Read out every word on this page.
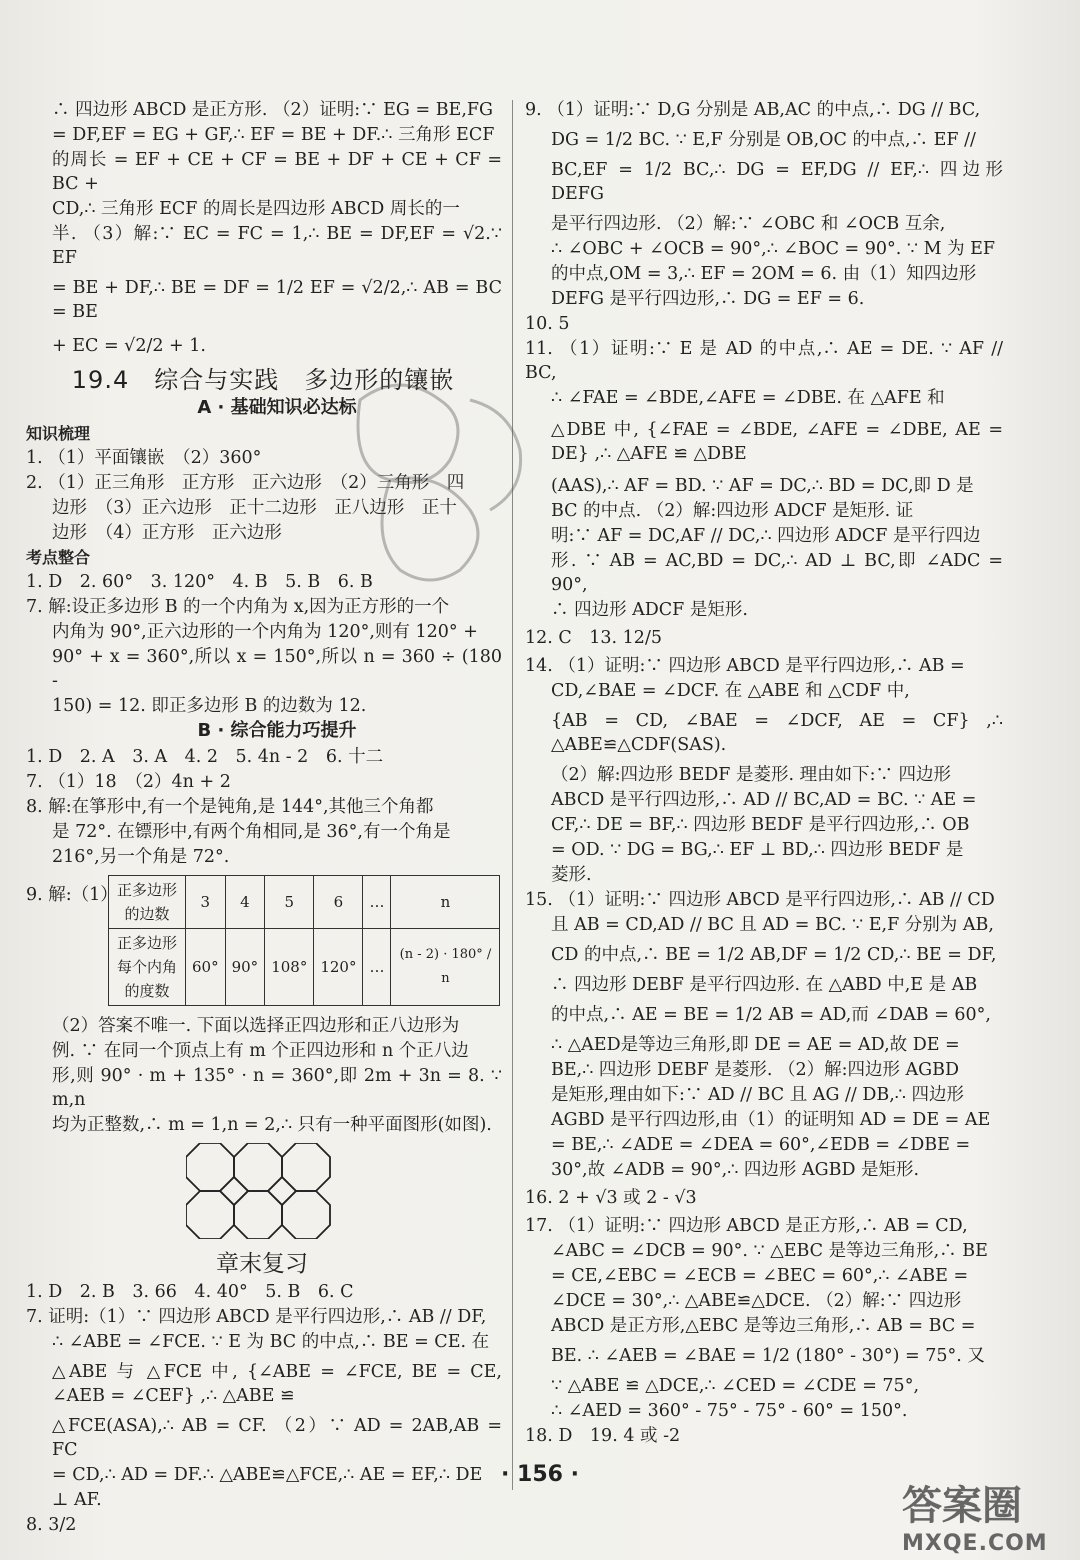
∴ 四边形 ABCD 是正方形. （2）证明:∵ EG = BE,FG
= DF,EF = EG + GF,∴ EF = BE + DF.∴ 三角形 ECF
的周长 = EF + CE + CF = BE + DF + CE + CF = BC +
CD,∴ 三角形 ECF 的周长是四边形 ABCD 周长的一
半. （3）解:∵ EC = FC = 1,∴ BE = DF,EF = √2.∵ EF
= BE + DF,∴ BE = DF = 1/2 EF = √2/2,∴ AB = BC = BE
+ EC = √2/2 + 1.
19.4　综合与实践　多边形的镶嵌
A · 基础知识必达标
知识梳理
1. （1）平面镶嵌　（2）360°
2. （1）正三角形　正方形　正六边形　（2）三角形　四
边形　（3）正六边形　正十二边形　正八边形　正十
边形　（4）正方形　正六边形
考点整合
1. D　2. 60°　3. 120°　4. B　5. B　6. B
7. 解:设正多边形 B 的一个内角为 x,因为正方形的一个
内角为 90°,正六边形的一个内角为 120°,则有 120° +
90° + x = 360°,所以 x = 150°,所以 n = 360 ÷ (180 -
150) = 12. 即正多边形 B 的边数为 12.
B · 综合能力巧提升
1. D　2. A　3. A　4. 2　5. 4n - 2　6. 十二
7. （1）18　（2）4n + 2
8. 解:在箏形中,有一个是钝角,是 144°,其他三个角都
是 72°. 在镖形中,有两个角相同,是 36°,有一个角是
216°,另一个角是 72°.
9. 解:（1） 正多边形的边数	3	4	5	6	…	n
正多边形每个内角的度数	60°	90°	108°	120°	…	(n - 2) · 180° / n
（2）答案不唯一. 下面以选择正四边形和正八边形为
例. ∵ 在同一个顶点上有 m 个正四边形和 n 个正八边
形,则 90° · m + 135° · n = 360°,即 2m + 3n = 8. ∵ m,n
均为正整数,∴ m = 1,n = 2,∴ 只有一种平面图形(如图).
章末复习
1. D　2. B　3. 66　4. 40°　5. B　6. C
7. 证明:（1）∵ 四边形 ABCD 是平行四边形,∴ AB // DF,
∴ ∠ABE = ∠FCE. ∵ E 为 BC 的中点,∴ BE = CE. 在
△ABE 与 △FCE 中, {∠ABE = ∠FCE, BE = CE, ∠AEB = ∠CEF} ,∴ △ABE ≌
△FCE(ASA),∴ AB = CF. （2）∵ AD = 2AB,AB = FC
= CD,∴ AD = DF.∴ △ABE≌△FCE,∴ AE = EF,∴ DE
⊥ AF.
8. 3/2
9. （1）证明:∵ D,G 分别是 AB,AC 的中点,∴ DG // BC,
DG = 1/2 BC. ∵ E,F 分别是 OB,OC 的中点,∴ EF //
BC,EF = 1/2 BC,∴ DG = EF,DG // EF,∴ 四边形 DEFG
是平行四边形. （2）解:∵ ∠OBC 和 ∠OCB 互余,
∴ ∠OBC + ∠OCB = 90°,∴ ∠BOC = 90°. ∵ M 为 EF
的中点,OM = 3,∴ EF = 2OM = 6. 由（1）知四边形
DEFG 是平行四边形,∴ DG = EF = 6.
10. 5
11. （1）证明:∵ E 是 AD 的中点,∴ AE = DE. ∵ AF // BC,
∴ ∠FAE = ∠BDE,∠AFE = ∠DBE. 在 △AFE 和
△DBE 中, {∠FAE = ∠BDE, ∠AFE = ∠DBE, AE = DE} ,∴ △AFE ≌ △DBE
(AAS),∴ AF = BD. ∵ AF = DC,∴ BD = DC,即 D 是
BC 的中点. （2）解:四边形 ADCF 是矩形. 证
明:∵ AF = DC,AF // DC,∴ 四边形 ADCF 是平行四边
形. ∵ AB = AC,BD = DC,∴ AD ⊥ BC,即 ∠ADC = 90°,
∴ 四边形 ADCF 是矩形.
12. C　13. 12/5
14. （1）证明:∵ 四边形 ABCD 是平行四边形,∴ AB =
CD,∠BAE = ∠DCF. 在 △ABE 和 △CDF 中,
{AB = CD, ∠BAE = ∠DCF, AE = CF} ,∴ △ABE≌△CDF(SAS).
（2）解:四边形 BEDF 是菱形. 理由如下:∵ 四边形
ABCD 是平行四边形,∴ AD // BC,AD = BC. ∵ AE =
CF,∴ DE = BF,∴ 四边形 BEDF 是平行四边形,∴ OB
= OD. ∵ DG = BG,∴ EF ⊥ BD,∴ 四边形 BEDF 是
菱形.
15. （1）证明:∵ 四边形 ABCD 是平行四边形,∴ AB // CD
且 AB = CD,AD // BC 且 AD = BC. ∵ E,F 分别为 AB,
CD 的中点,∴ BE = 1/2 AB,DF = 1/2 CD,∴ BE = DF,
∴ 四边形 DEBF 是平行四边形. 在 △ABD 中,E 是 AB
的中点,∴ AE = BE = 1/2 AB = AD,而 ∠DAB = 60°,
∴ △AED是等边三角形,即 DE = AE = AD,故 DE =
BE,∴ 四边形 DEBF 是菱形. （2）解:四边形 AGBD
是矩形,理由如下:∵ AD // BC 且 AG // DB,∴ 四边形
AGBD 是平行四边形,由（1）的证明知 AD = DE = AE
= BE,∴ ∠ADE = ∠DEA = 60°,∠EDB = ∠DBE =
30°,故 ∠ADB = 90°,∴ 四边形 AGBD 是矩形.
16. 2 + √3 或 2 - √3
17. （1）证明:∵ 四边形 ABCD 是正方形,∴ AB = CD,
∠ABC = ∠DCB = 90°. ∵ △EBC 是等边三角形,∴ BE
= CE,∠EBC = ∠ECB = ∠BEC = 60°,∴ ∠ABE =
∠DCE = 30°,∴ △ABE≌△DCE. （2）解:∵ 四边形
ABCD 是正方形,△EBC 是等边三角形,∴ AB = BC =
BE. ∴ ∠AEB = ∠BAE = 1/2 (180° - 30°) = 75°. 又
∵ △ABE ≌ △DCE,∴ ∠CED = ∠CDE = 75°,
∴ ∠AED = 360° - 75° - 75° - 60° = 150°.
18. D　19. 4 或 -2
· 156 ·
答案圈
MXQE.COM
